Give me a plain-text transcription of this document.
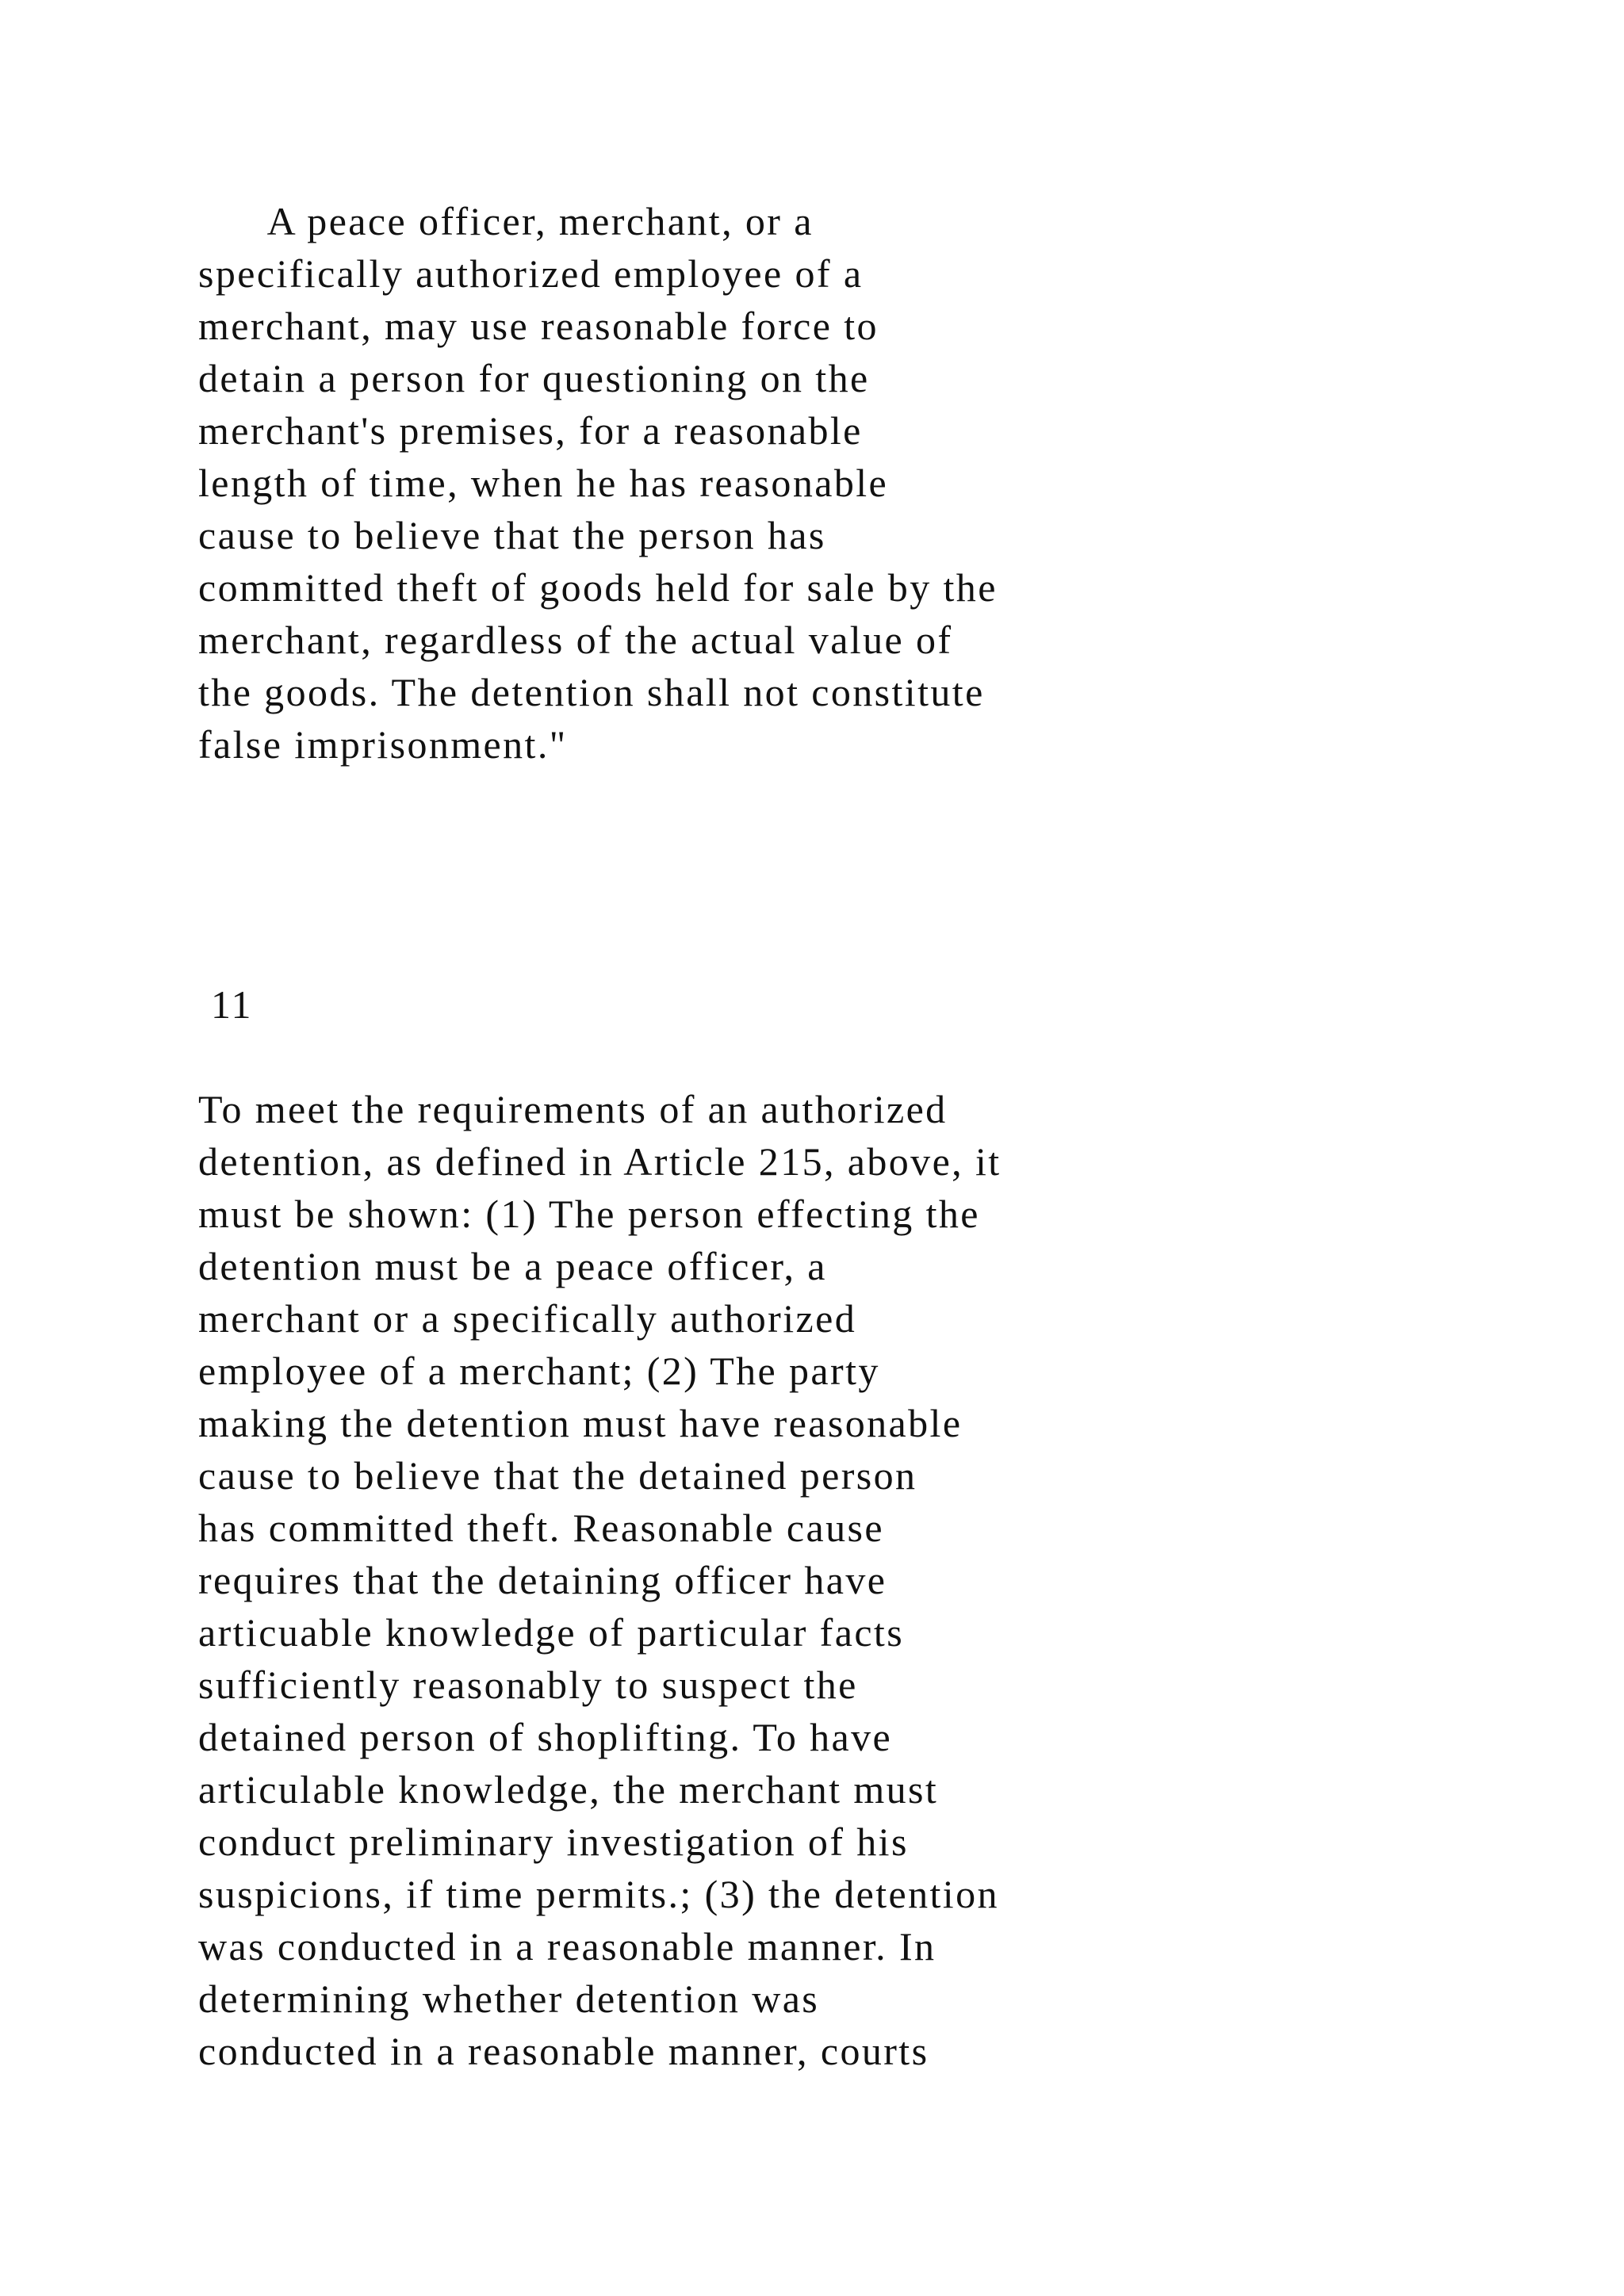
A peace officer, merchant, or a

specifically authorized employee of a

merchant, may use reasonable force to

detain a person for questioning on the

merchant's premises, for a reasonable

length of time, when he has reasonable

cause to believe that the person has

committed theft of goods held for sale by the

merchant, regardless of the actual value of

the goods. The detention shall not constitute

false imprisonment."

11

To meet the requirements of an authorized

detention, as defined in Article 215, above, it

must be shown: (1) The person effecting the

detention must be a peace officer, a

merchant or a specifically authorized

employee of a merchant; (2) The party

making the detention must have reasonable

cause to believe that the detained person

has committed theft. Reasonable cause

requires that the detaining officer have

articuable knowledge of particular facts

sufficiently reasonably to suspect the

detained person of shoplifting. To have

articulable knowledge, the merchant must

conduct preliminary investigation of his

suspicions, if time permits.; (3) the detention

was conducted in a reasonable manner. In

determining whether detention was

conducted in a reasonable manner, courts
